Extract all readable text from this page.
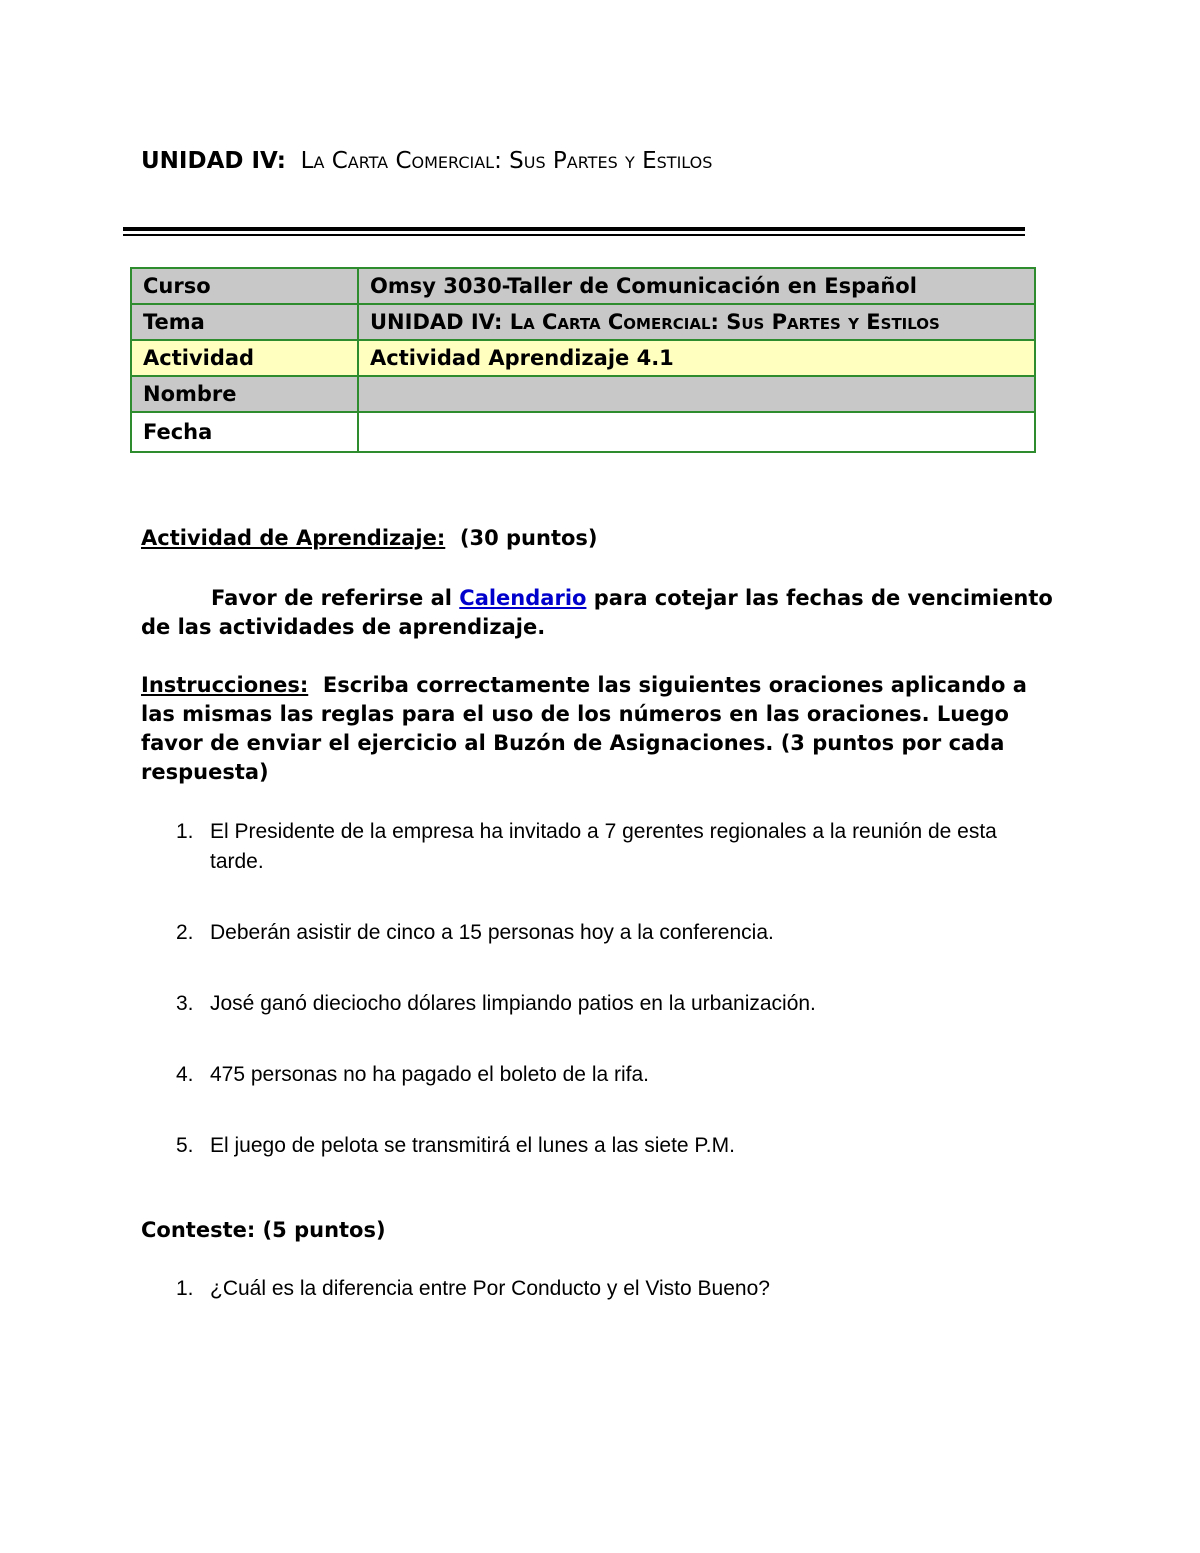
UNIDAD IV: La Carta Comercial: Sus Partes y Estilos
Curso	Omsy 3030-Taller de Comunicación en Español
Tema	UNIDAD IV: La Carta Comercial: Sus Partes y Estilos
Actividad	Actividad Aprendizaje 4.1
Nombre	
Fecha	
Actividad de Aprendizaje: (30 puntos)
Favor de referirse al Calendario para cotejar las fechas de vencimiento de las actividades de aprendizaje.
Instrucciones: Escriba correctamente las siguientes oraciones aplicando a las mismas las reglas para el uso de los números en las oraciones. Luego favor de enviar el ejercicio al Buzón de Asignaciones. (3 puntos por cada respuesta)
1. El Presidente de la empresa ha invitado a 7 gerentes regionales a la reunión de esta tarde.
2. Deberán asistir de cinco a 15 personas hoy a la conferencia.
3. José ganó dieciocho dólares limpiando patios en la urbanización.
4. 475 personas no ha pagado el boleto de la rifa.
5. El juego de pelota se transmitirá el lunes a las siete P.M.
Conteste: (5 puntos)
1. ¿Cuál es la diferencia entre Por Conducto y el Visto Bueno?
